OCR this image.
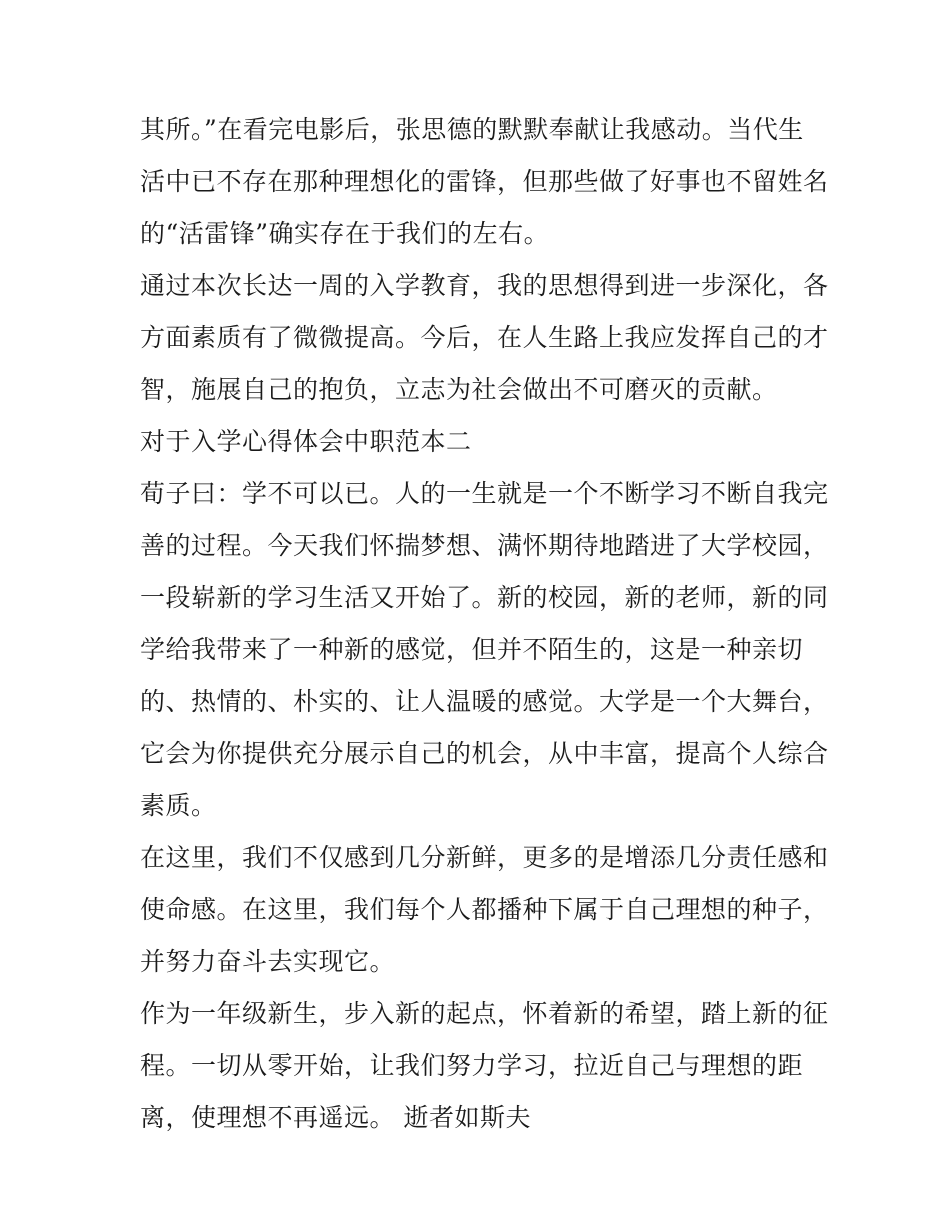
其所。”在看完电影后，张思德的默默奉献让我感动。当代生
活中已不存在那种理想化的雷锋，但那些做了好事也不留姓名
的“活雷锋”确实存在于我们的左右。
通过本次长达一周的入学教育，我的思想得到进一步深化，各
方面素质有了微微提高。今后，在人生路上我应发挥自己的才
智，施展自己的抱负，立志为社会做出不可磨灭的贡献。
对于入学心得体会中职范本二
荀子曰：学不可以已。人的一生就是一个不断学习不断自我完
善的过程。今天我们怀揣梦想、满怀期待地踏进了大学校园，
一段崭新的学习生活又开始了。新的校园，新的老师，新的同
学给我带来了一种新的感觉，但并不陌生的，这是一种亲切
的、热情的、朴实的、让人温暖的感觉。大学是一个大舞台，
它会为你提供充分展示自己的机会，从中丰富，提高个人综合
素质。
在这里，我们不仅感到几分新鲜，更多的是增添几分责任感和
使命感。在这里，我们每个人都播种下属于自己理想的种子，
并努力奋斗去实现它。
作为一年级新生，步入新的起点，怀着新的希望，踏上新的征
程。一切从零开始，让我们努力学习，拉近自己与理想的距
离，使理想不再遥远。 逝者如斯夫
